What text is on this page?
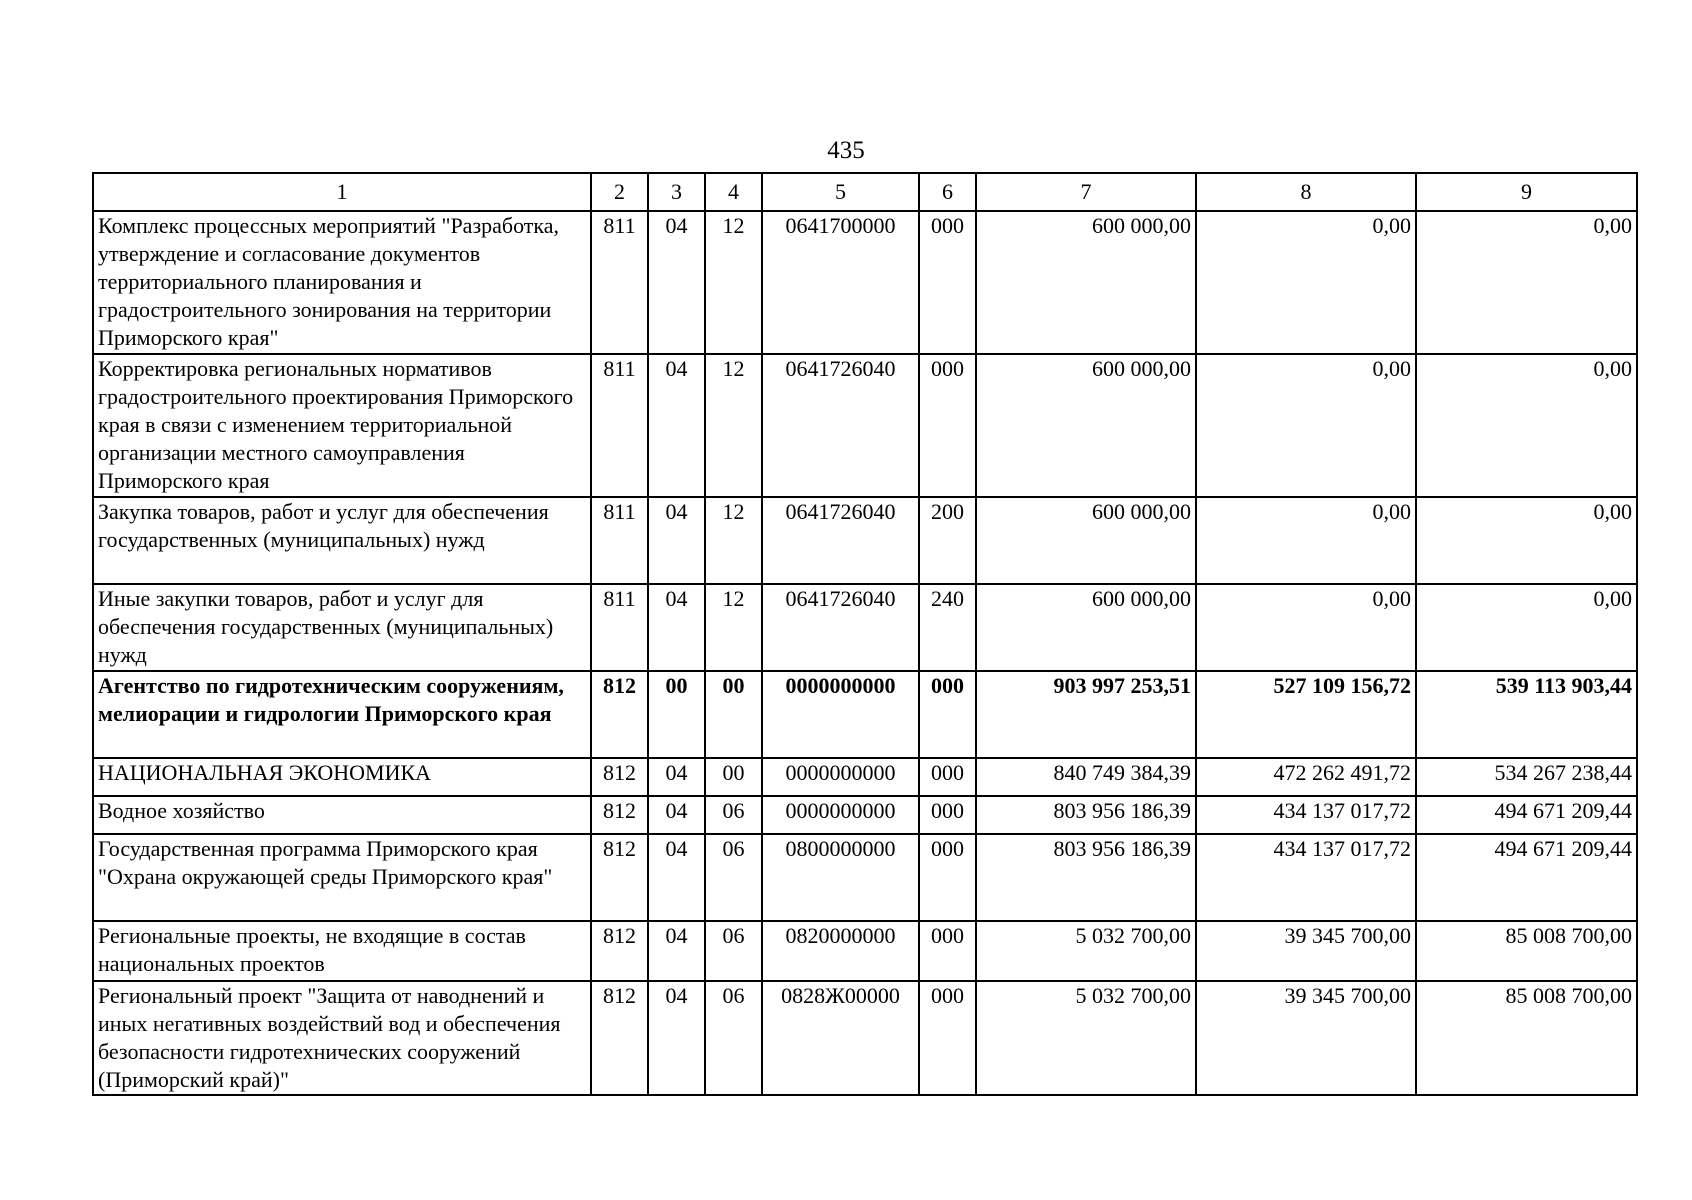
435
1	2	3	4	5	6	7	8	9
Комплекс процессных мероприятий "Разработка, утверждение и согласование документов территориального планирования и градостроительного зонирования на территории Приморского края"	811	04	12	0641700000	000	600 000,00	0,00	0,00
Корректировка региональных нормативов градостроительного проектирования Приморского края в связи с изменением территориальной организации местного самоуправления Приморского края	811	04	12	0641726040	000	600 000,00	0,00	0,00
Закупка товаров, работ и услуг для обеспечения государственных (муниципальных) нужд	811	04	12	0641726040	200	600 000,00	0,00	0,00
Иные закупки товаров, работ и услуг для обеспечения государственных (муниципальных) нужд	811	04	12	0641726040	240	600 000,00	0,00	0,00
Агентство по гидротехническим сооружениям, мелиорации и гидрологии Приморского края	812	00	00	0000000000	000	903 997 253,51	527 109 156,72	539 113 903,44
НАЦИОНАЛЬНАЯ ЭКОНОМИКА	812	04	00	0000000000	000	840 749 384,39	472 262 491,72	534 267 238,44
Водное хозяйство	812	04	06	0000000000	000	803 956 186,39	434 137 017,72	494 671 209,44
Государственная программа Приморского края "Охрана окружающей среды Приморского края"	812	04	06	0800000000	000	803 956 186,39	434 137 017,72	494 671 209,44
Региональные проекты, не входящие в состав национальных проектов	812	04	06	0820000000	000	5 032 700,00	39 345 700,00	85 008 700,00
Региональный проект "Защита от наводнений и иных негативных воздействий вод и обеспечения безопасности гидротехнических сооружений (Приморский край)"	812	04	06	0828Ж00000	000	5 032 700,00	39 345 700,00	85 008 700,00
